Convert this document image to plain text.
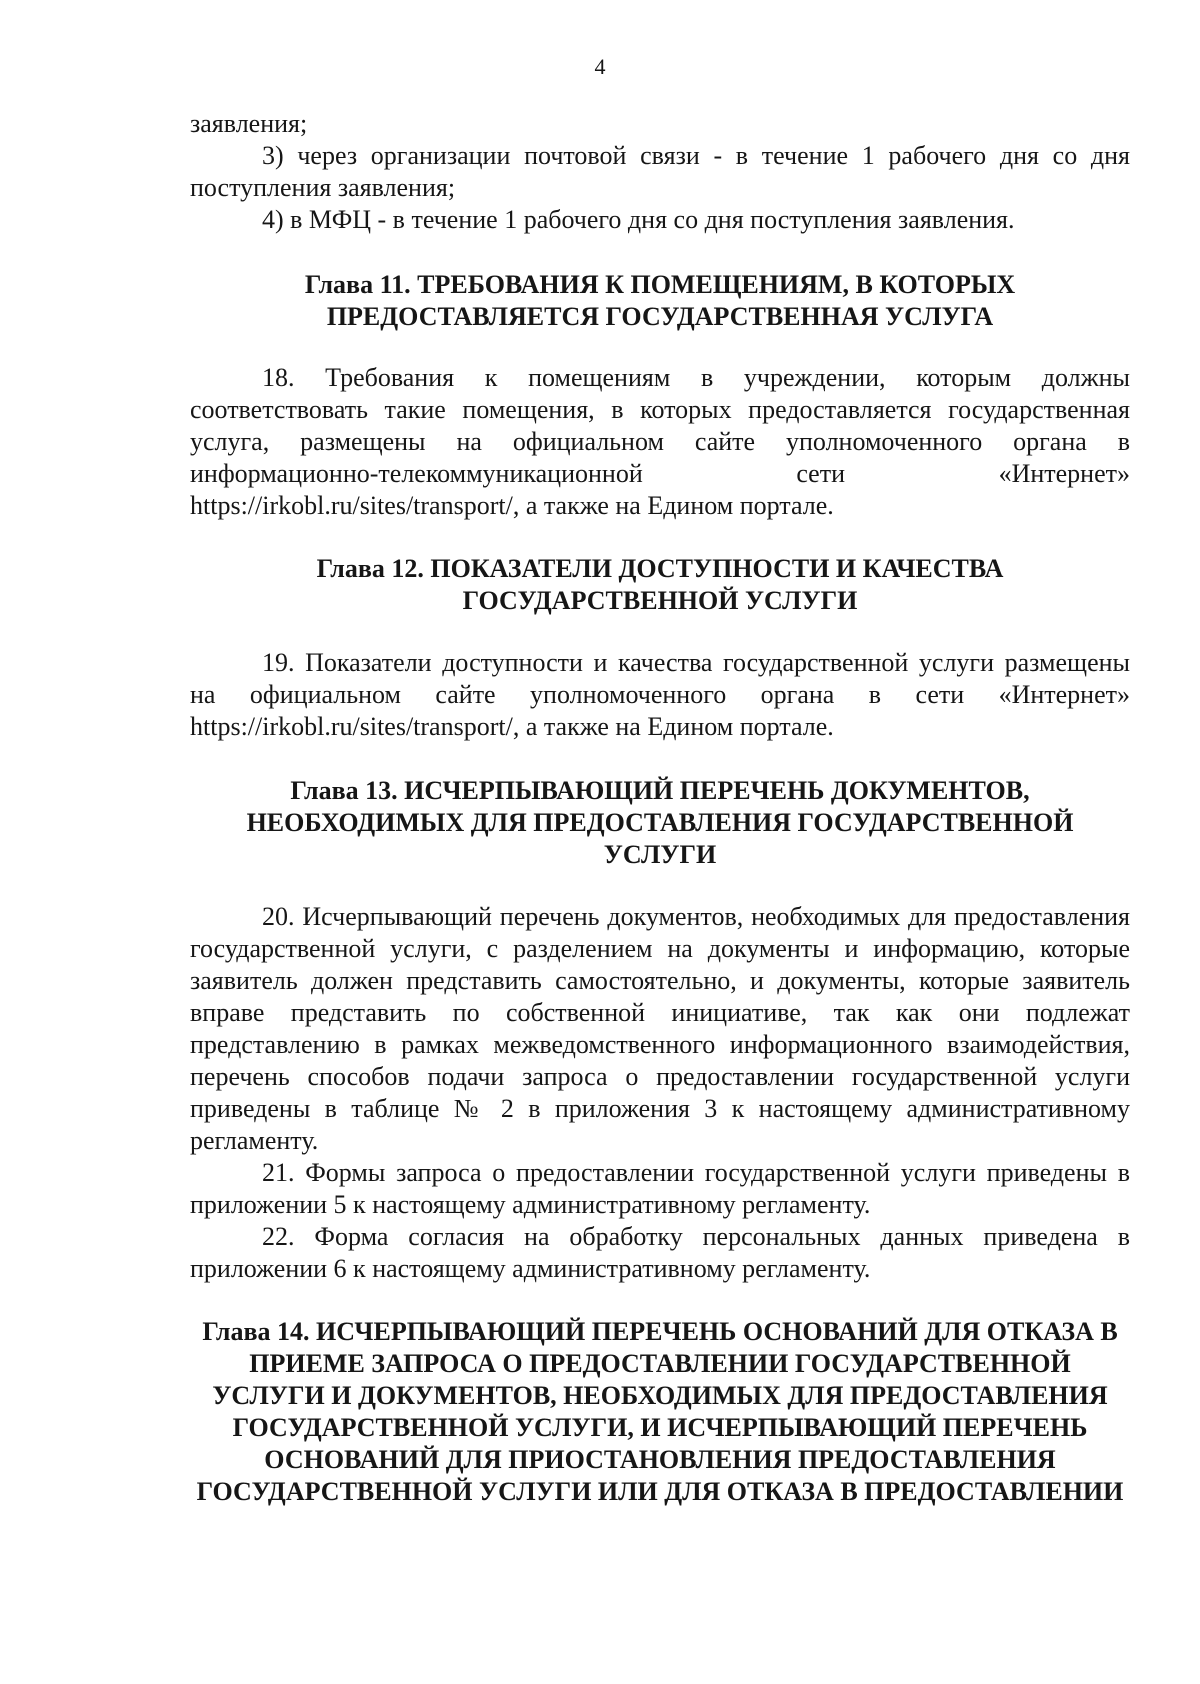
4

заявления;

3) через организации почтовой связи - в течение 1 рабочего дня со дня поступления заявления;

4) в МФЦ - в течение 1 рабочего дня со дня поступления заявления.

Глава 11. ТРЕБОВАНИЯ К ПОМЕЩЕНИЯМ, В КОТОРЫХ ПРЕДОСТАВЛЯЕТСЯ ГОСУДАРСТВЕННАЯ УСЛУГА

18. Требования к помещениям в учреждении, которым должны соответствовать такие помещения, в которых предоставляется государственная услуга, размещены на официальном сайте уполномоченного органа в информационно-телекоммуникационной сети «Интернет» https://irkobl.ru/sites/transport/, а также на Едином портале.

Глава 12. ПОКАЗАТЕЛИ ДОСТУПНОСТИ И КАЧЕСТВА ГОСУДАРСТВЕННОЙ УСЛУГИ

19. Показатели доступности и качества государственной услуги размещены на официальном сайте уполномоченного органа в сети «Интернет» https://irkobl.ru/sites/transport/, а также на Едином портале.

Глава 13. ИСЧЕРПЫВАЮЩИЙ ПЕРЕЧЕНЬ ДОКУМЕНТОВ, НЕОБХОДИМЫХ ДЛЯ ПРЕДОСТАВЛЕНИЯ ГОСУДАРСТВЕННОЙ УСЛУГИ

20. Исчерпывающий перечень документов, необходимых для предоставления государственной услуги, с разделением на документы и информацию, которые заявитель должен представить самостоятельно, и документы, которые заявитель вправе представить по собственной инициативе, так как они подлежат представлению в рамках межведомственного информационного взаимодействия, перечень способов подачи запроса о предоставлении государственной услуги приведены в таблице № 2 в приложения 3 к настоящему административному регламенту.

21. Формы запроса о предоставлении государственной услуги приведены в приложении 5 к настоящему административному регламенту.

22. Форма согласия на обработку персональных данных приведена в приложении 6 к настоящему административному регламенту.

Глава 14. ИСЧЕРПЫВАЮЩИЙ ПЕРЕЧЕНЬ ОСНОВАНИЙ ДЛЯ ОТКАЗА В ПРИЕМЕ ЗАПРОСА О ПРЕДОСТАВЛЕНИИ ГОСУДАРСТВЕННОЙ УСЛУГИ И ДОКУМЕНТОВ, НЕОБХОДИМЫХ ДЛЯ ПРЕДОСТАВЛЕНИЯ ГОСУДАРСТВЕННОЙ УСЛУГИ, И ИСЧЕРПЫВАЮЩИЙ ПЕРЕЧЕНЬ ОСНОВАНИЙ ДЛЯ ПРИОСТАНОВЛЕНИЯ ПРЕДОСТАВЛЕНИЯ ГОСУДАРСТВЕННОЙ УСЛУГИ ИЛИ ДЛЯ ОТКАЗА В ПРЕДОСТАВЛЕНИИ
